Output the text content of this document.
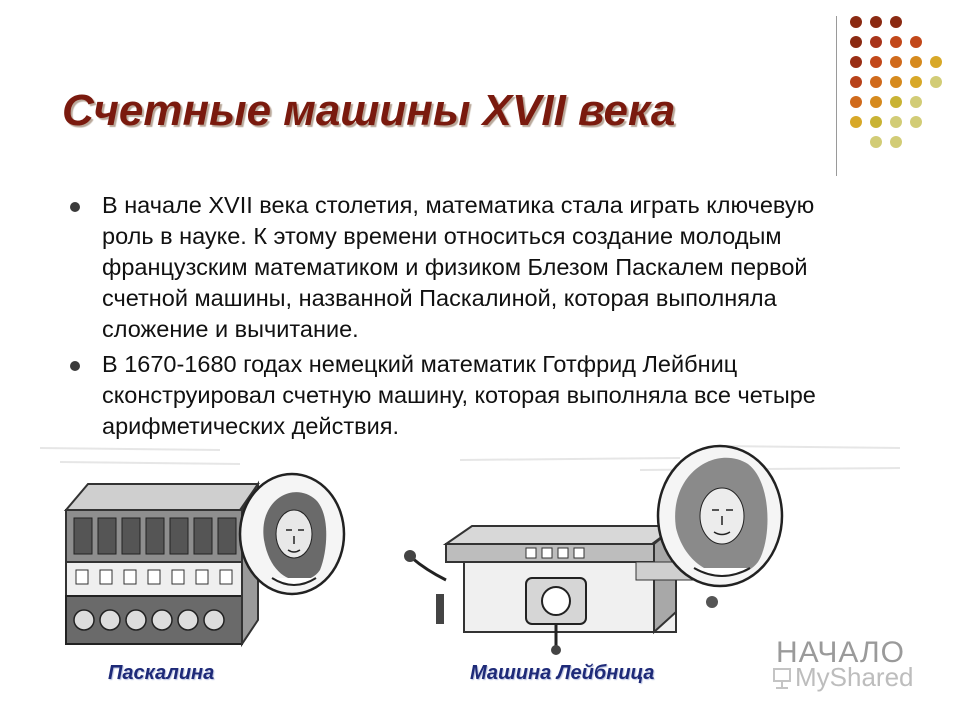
Счетные машины XVII века
В начале XVII века столетия, математика стала играть ключевую роль в науке. К этому времени относиться создание молодым французским математиком и физиком Блезом Паскалем первой счетной машины, названной Паскалиной, которая выполняла сложение и вычитание.
В 1670-1680 годах немецкий математик Готфрид Лейбниц сконструировал счетную машину, которая выполняла все четыре арифметических действия.
Паскалина	Машина Лейбница
НАЧАЛО
MyShared
